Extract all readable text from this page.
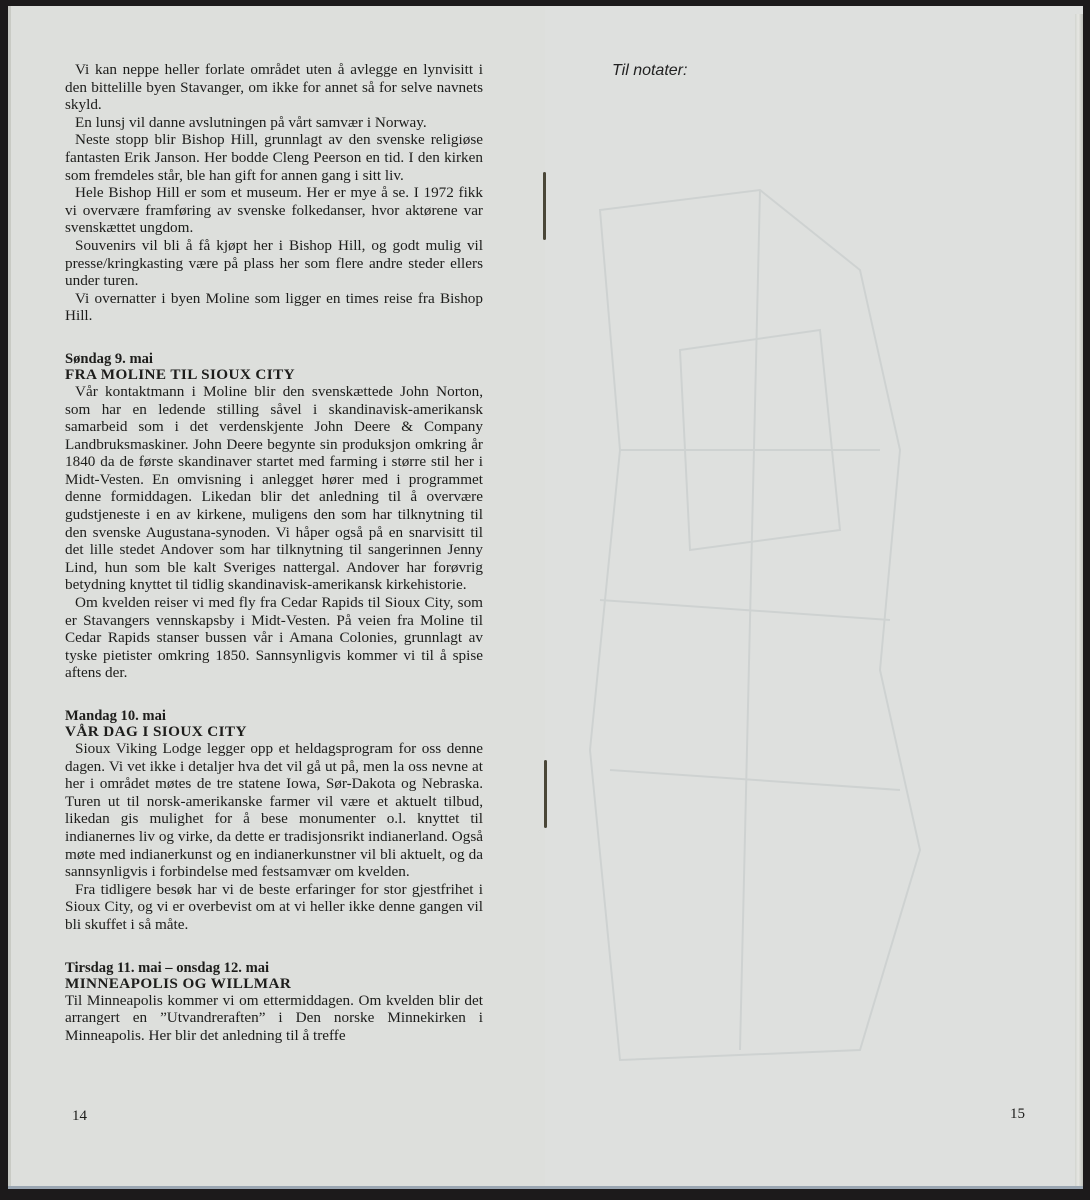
Vi kan neppe heller forlate området uten å avlegge en lynvisitt i den bittelille byen Stavanger, om ikke for annet så for selve navnets skyld.

En lunsj vil danne avslutningen på vårt samvær i Norway.

Neste stopp blir Bishop Hill, grunnlagt av den svenske religiøse fantasten Erik Janson. Her bodde Cleng Peerson en tid. I den kirken som fremdeles står, ble han gift for annen gang i sitt liv.

Hele Bishop Hill er som et museum. Her er mye å se. I 1972 fikk vi overvære framføring av svenske folkedanser, hvor aktørene var svenskættet ungdom.

Souvenirs vil bli å få kjøpt her i Bishop Hill, og godt mulig vil presse/kringkasting være på plass her som flere andre steder ellers under turen.

Vi overnatter i byen Moline som ligger en times reise fra Bishop Hill.

Søndag 9. mai
FRA MOLINE TIL SIOUX CITY

Vår kontaktmann i Moline blir den svenskættede John Norton, som har en ledende stilling såvel i skandinavisk-amerikansk samarbeid som i det verdenskjente John Deere & Company Landbruksmaskiner. John Deere begynte sin produksjon omkring år 1840 da de første skandinaver startet med farming i større stil her i Midt-Vesten. En omvisning i anlegget hører med i programmet denne formiddagen. Likedan blir det anledning til å overvære gudstjeneste i en av kirkene, muligens den som har tilknytning til den svenske Augustana-synoden. Vi håper også på en snarvisitt til det lille stedet Andover som har tilknytning til sangerinnen Jenny Lind, hun som ble kalt Sveriges nattergal. Andover har forøvrig betydning knyttet til tidlig skandinavisk-amerikansk kirkehistorie.

Om kvelden reiser vi med fly fra Cedar Rapids til Sioux City, som er Stavangers vennskapsby i Midt-Vesten. På veien fra Moline til Cedar Rapids stanser bussen vår i Amana Colonies, grunnlagt av tyske pietister omkring 1850. Sannsynligvis kommer vi til å spise aftens der.

Mandag 10. mai
VÅR DAG I SIOUX CITY

Sioux Viking Lodge legger opp et heldagsprogram for oss denne dagen. Vi vet ikke i detaljer hva det vil gå ut på, men la oss nevne at her i området møtes de tre statene Iowa, Sør-Dakota og Nebraska. Turen ut til norsk-amerikanske farmer vil være et aktuelt tilbud, likedan gis mulighet for å bese monumenter o.l. knyttet til indianernes liv og virke, da dette er tradisjonsrikt indianerland. Også møte med indianerkunst og en indianerkunstner vil bli aktuelt, og da sannsynligvis i forbindelse med festsamvær om kvelden.

Fra tidligere besøk har vi de beste erfaringer for stor gjestfrihet i Sioux City, og vi er overbevist om at vi heller ikke denne gangen vil bli skuffet i så måte.

Tirsdag 11. mai – onsdag 12. mai
MINNEAPOLIS OG WILLMAR

Til Minneapolis kommer vi om ettermiddagen. Om kvelden blir det arrangert en ”Utvandreraften” i Den norske Minnekirken i Minneapolis. Her blir det anledning til å treffe

Til notater:
14	15
